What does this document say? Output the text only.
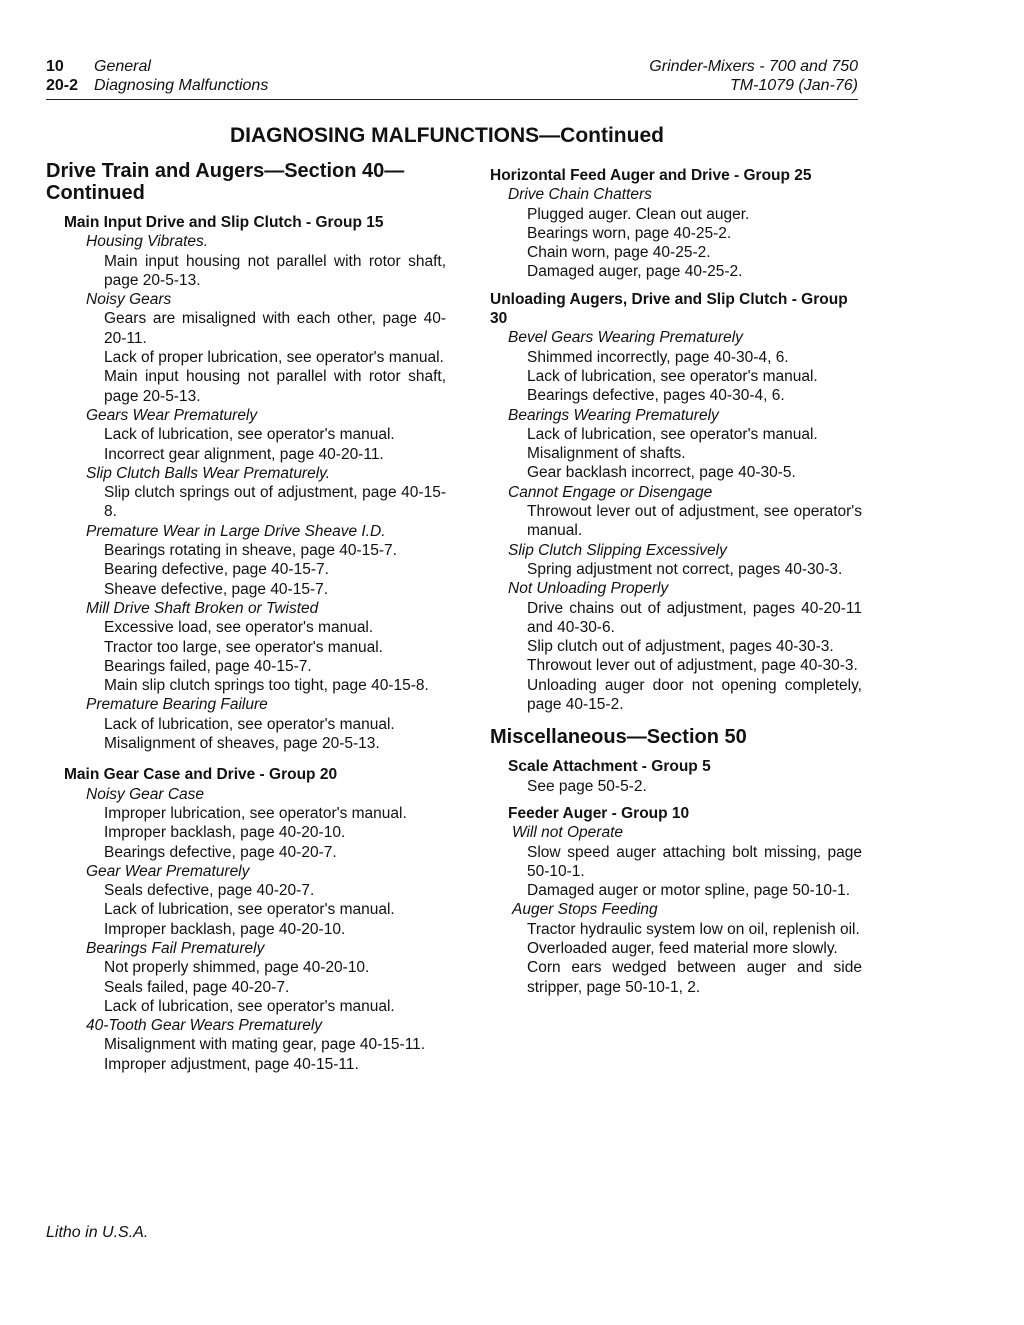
10 General
20-2 Diagnosing Malfunctions
Grinder-Mixers - 700 and 750
TM-1079 (Jan-76)
DIAGNOSING MALFUNCTIONS—Continued
Drive Train and Augers—Section 40—
Continued
Main Input Drive and Slip Clutch - Group 15
Housing Vibrates.
Main input housing not parallel with rotor shaft, page 20-5-13.
Noisy Gears
Gears are misaligned with each other, page 40-20-11.
Lack of proper lubrication, see operator's manual.
Main input housing not parallel with rotor shaft, page 20-5-13.
Gears Wear Prematurely
Lack of lubrication, see operator's manual.
Incorrect gear alignment, page 40-20-11.
Slip Clutch Balls Wear Prematurely.
Slip clutch springs out of adjustment, page 40-15-8.
Premature Wear in Large Drive Sheave I.D.
Bearings rotating in sheave, page 40-15-7.
Bearing defective, page 40-15-7.
Sheave defective, page 40-15-7.
Mill Drive Shaft Broken or Twisted
Excessive load, see operator's manual.
Tractor too large, see operator's manual.
Bearings failed, page 40-15-7.
Main slip clutch springs too tight, page 40-15-8.
Premature Bearing Failure
Lack of lubrication, see operator's manual.
Misalignment of sheaves, page 20-5-13.
Main Gear Case and Drive - Group 20
Noisy Gear Case
Improper lubrication, see operator's manual.
Improper backlash, page 40-20-10.
Bearings defective, page 40-20-7.
Gear Wear Prematurely
Seals defective, page 40-20-7.
Lack of lubrication, see operator's manual.
Improper backlash, page 40-20-10.
Bearings Fail Prematurely
Not properly shimmed, page 40-20-10.
Seals failed, page 40-20-7.
Lack of lubrication, see operator's manual.
40-Tooth Gear Wears Prematurely
Misalignment with mating gear, page 40-15-11.
Improper adjustment, page 40-15-11.
Horizontal Feed Auger and Drive - Group 25
Drive Chain Chatters
Plugged auger. Clean out auger.
Bearings worn, page 40-25-2.
Chain worn, page 40-25-2.
Damaged auger, page 40-25-2.
Unloading Augers, Drive and Slip Clutch - Group 30
Bevel Gears Wearing Prematurely
Shimmed incorrectly, page 40-30-4, 6.
Lack of lubrication, see operator's manual.
Bearings defective, pages 40-30-4, 6.
Bearings Wearing Prematurely
Lack of lubrication, see operator's manual.
Misalignment of shafts.
Gear backlash incorrect, page 40-30-5.
Cannot Engage or Disengage
Throwout lever out of adjustment, see operator's manual.
Slip Clutch Slipping Excessively
Spring adjustment not correct, pages 40-30-3.
Not Unloading Properly
Drive chains out of adjustment, pages 40-20-11 and 40-30-6.
Slip clutch out of adjustment, pages 40-30-3.
Throwout lever out of adjustment, page 40-30-3.
Unloading auger door not opening completely, page 40-15-2.
Miscellaneous—Section 50
Scale Attachment - Group 5
See page 50-5-2.
Feeder Auger - Group 10
Will not Operate
Slow speed auger attaching bolt missing, page 50-10-1.
Damaged auger or motor spline, page 50-10-1.
Auger Stops Feeding
Tractor hydraulic system low on oil, replenish oil.
Overloaded auger, feed material more slowly.
Corn ears wedged between auger and side stripper, page 50-10-1, 2.
Litho in U.S.A.
